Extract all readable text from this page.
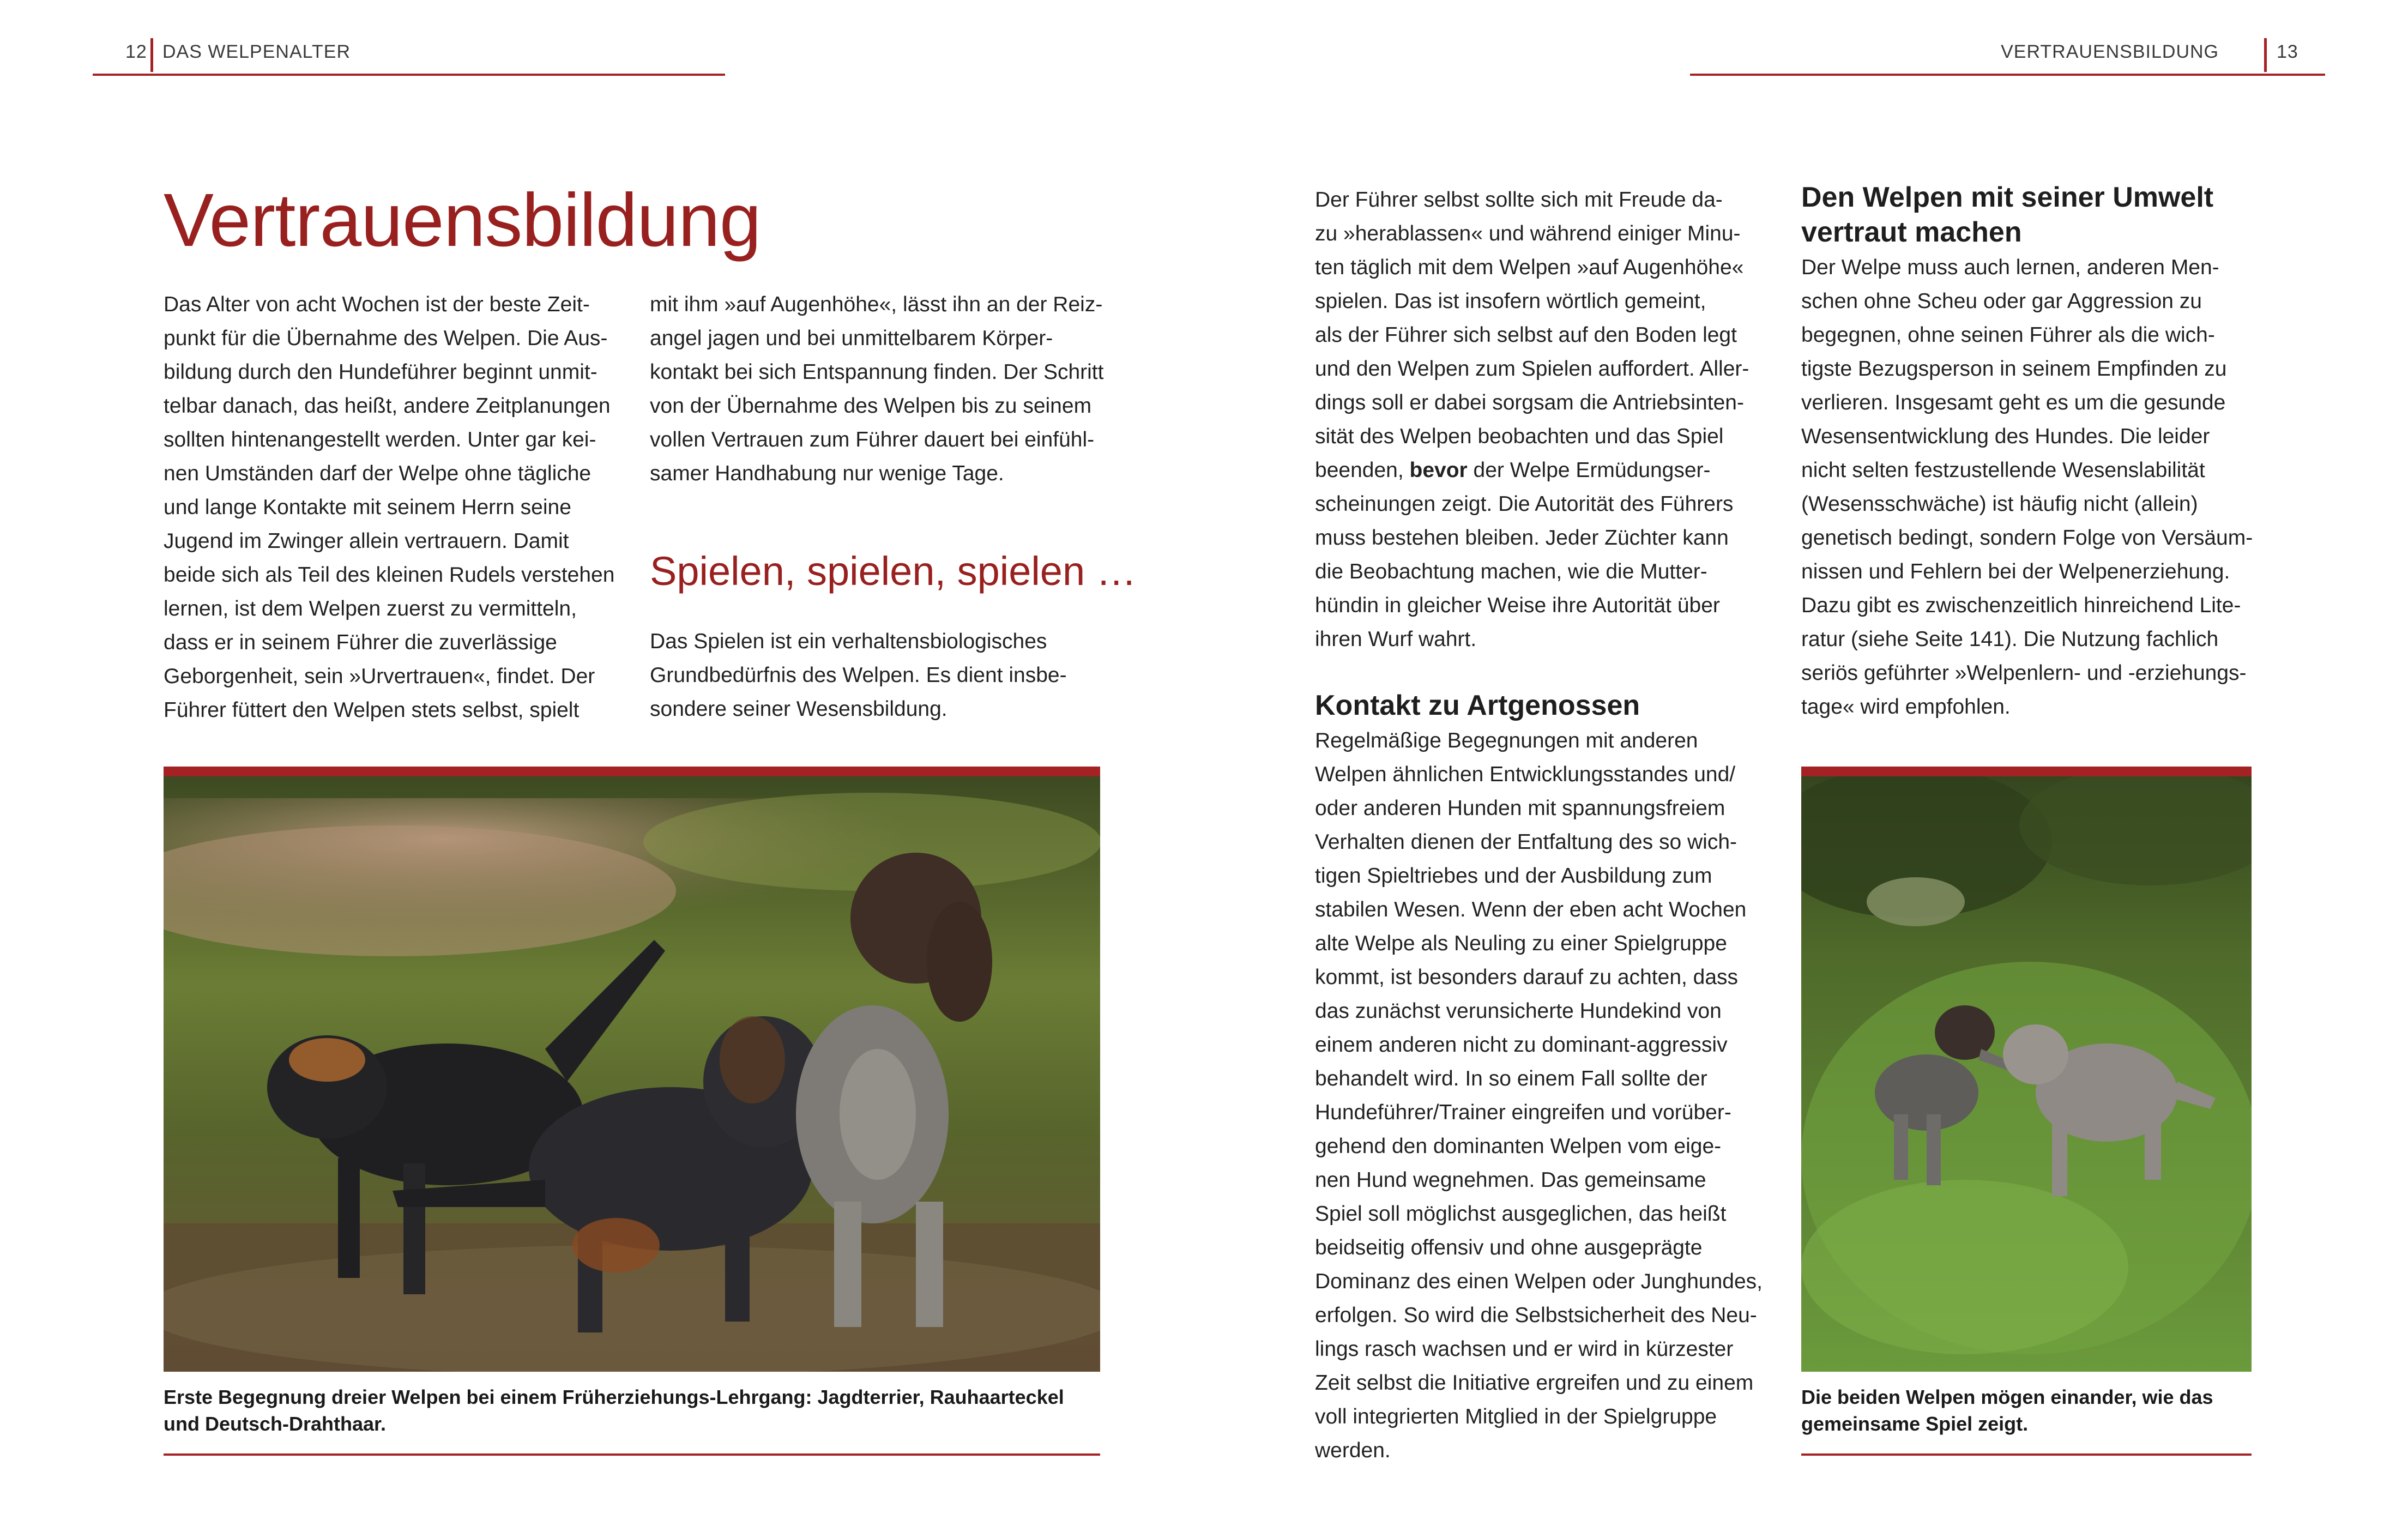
12 DAS WELPENALTER	VERTRAUENSBILDUNG	13
Vertrauensbildung

Das Alter von acht Wochen ist der beste Zeit-

punkt für die Übernahme des Welpen. Die Aus-

bildung durch den Hundeführer beginnt unmit-

telbar danach, das heißt, andere Zeitplanungen

sollten hintenangestellt werden. Unter gar kei-

nen Umständen darf der Welpe ohne tägliche

und lange Kontakte mit seinem Herrn seine

Jugend im Zwinger allein vertrauern. Damit

beide sich als Teil des kleinen Rudels verstehen

lernen, ist dem Welpen zuerst zu vermitteln,

dass er in seinem Führer die zuverlässige

Geborgenheit, sein »Urvertrauen«, findet. Der

Führer füttert den Welpen stets selbst, spielt

mit ihm »auf Augenhöhe«, lässt ihn an der Reiz-

angel jagen und bei unmittelbarem Körper-

kontakt bei sich Entspannung finden. Der Schritt

von der Übernahme des Welpen bis zu seinem

vollen Vertrauen zum Führer dauert bei einfühl-

samer Handhabung nur wenige Tage.

Spielen, spielen, spielen …

Das Spielen ist ein verhaltensbiologisches

Grundbedürfnis des Welpen. Es dient insbe-

sondere seiner Wesensbildung.

Erste Begegnung dreier Welpen bei einem Früherziehungs-Lehrgang: Jagdterrier, Rauhaarteckel und Deutsch-Drahthaar.

Der Führer selbst sollte sich mit Freude da-

zu »herablassen« und während einiger Minu-

ten täglich mit dem Welpen »auf Augenhöhe«

spielen. Das ist insofern wörtlich gemeint,

als der Führer sich selbst auf den Boden legt

und den Welpen zum Spielen auffordert. Aller-

dings soll er dabei sorgsam die Antriebsinten-

sität des Welpen beobachten und das Spiel

beenden, bevor der Welpe Ermüdungser-

scheinungen zeigt. Die Autorität des Führers

muss bestehen bleiben. Jeder Züchter kann

die Beobachtung machen, wie die Mutter-

hündin in gleicher Weise ihre Autorität über

ihren Wurf wahrt.

Kontakt zu Artgenossen

Regelmäßige Begegnungen mit anderen

Welpen ähnlichen Entwicklungsstandes und/

oder anderen Hunden mit spannungsfreiem

Verhalten dienen der Entfaltung des so wich-

tigen Spieltriebes und der Ausbildung zum

stabilen Wesen. Wenn der eben acht Wochen

alte Welpe als Neuling zu einer Spielgruppe

kommt, ist besonders darauf zu achten, dass

das zunächst verunsicherte Hundekind von

einem anderen nicht zu dominant-aggressiv

behandelt wird. In so einem Fall sollte der

Hundeführer/Trainer eingreifen und vorüber-

gehend den dominanten Welpen vom eige-

nen Hund wegnehmen. Das gemeinsame

Spiel soll möglichst ausgeglichen, das heißt

beidseitig offensiv und ohne ausgeprägte

Dominanz des einen Welpen oder Junghundes,

erfolgen. So wird die Selbstsicherheit des Neu-

lings rasch wachsen und er wird in kürzester

Zeit selbst die Initiative ergreifen und zu einem

voll integrierten Mitglied in der Spielgruppe

werden.

Den Welpen mit seiner Umwelt
vertraut machen

Der Welpe muss auch lernen, anderen Men-

schen ohne Scheu oder gar Aggression zu

begegnen, ohne seinen Führer als die wich-

tigste Bezugsperson in seinem Empfinden zu

verlieren. Insgesamt geht es um die gesunde

Wesensentwicklung des Hundes. Die leider

nicht selten festzustellende Wesenslabilität

(Wesensschwäche) ist häufig nicht (allein)

genetisch bedingt, sondern Folge von Versäum-

nissen und Fehlern bei der Welpenerziehung.

Dazu gibt es zwischenzeitlich hinreichend Lite-

ratur (siehe Seite 141). Die Nutzung fachlich

seriös geführter »Welpenlern- und -erziehungs-

tage« wird empfohlen.

Die beiden Welpen mögen einander, wie das gemeinsame Spiel zeigt.
